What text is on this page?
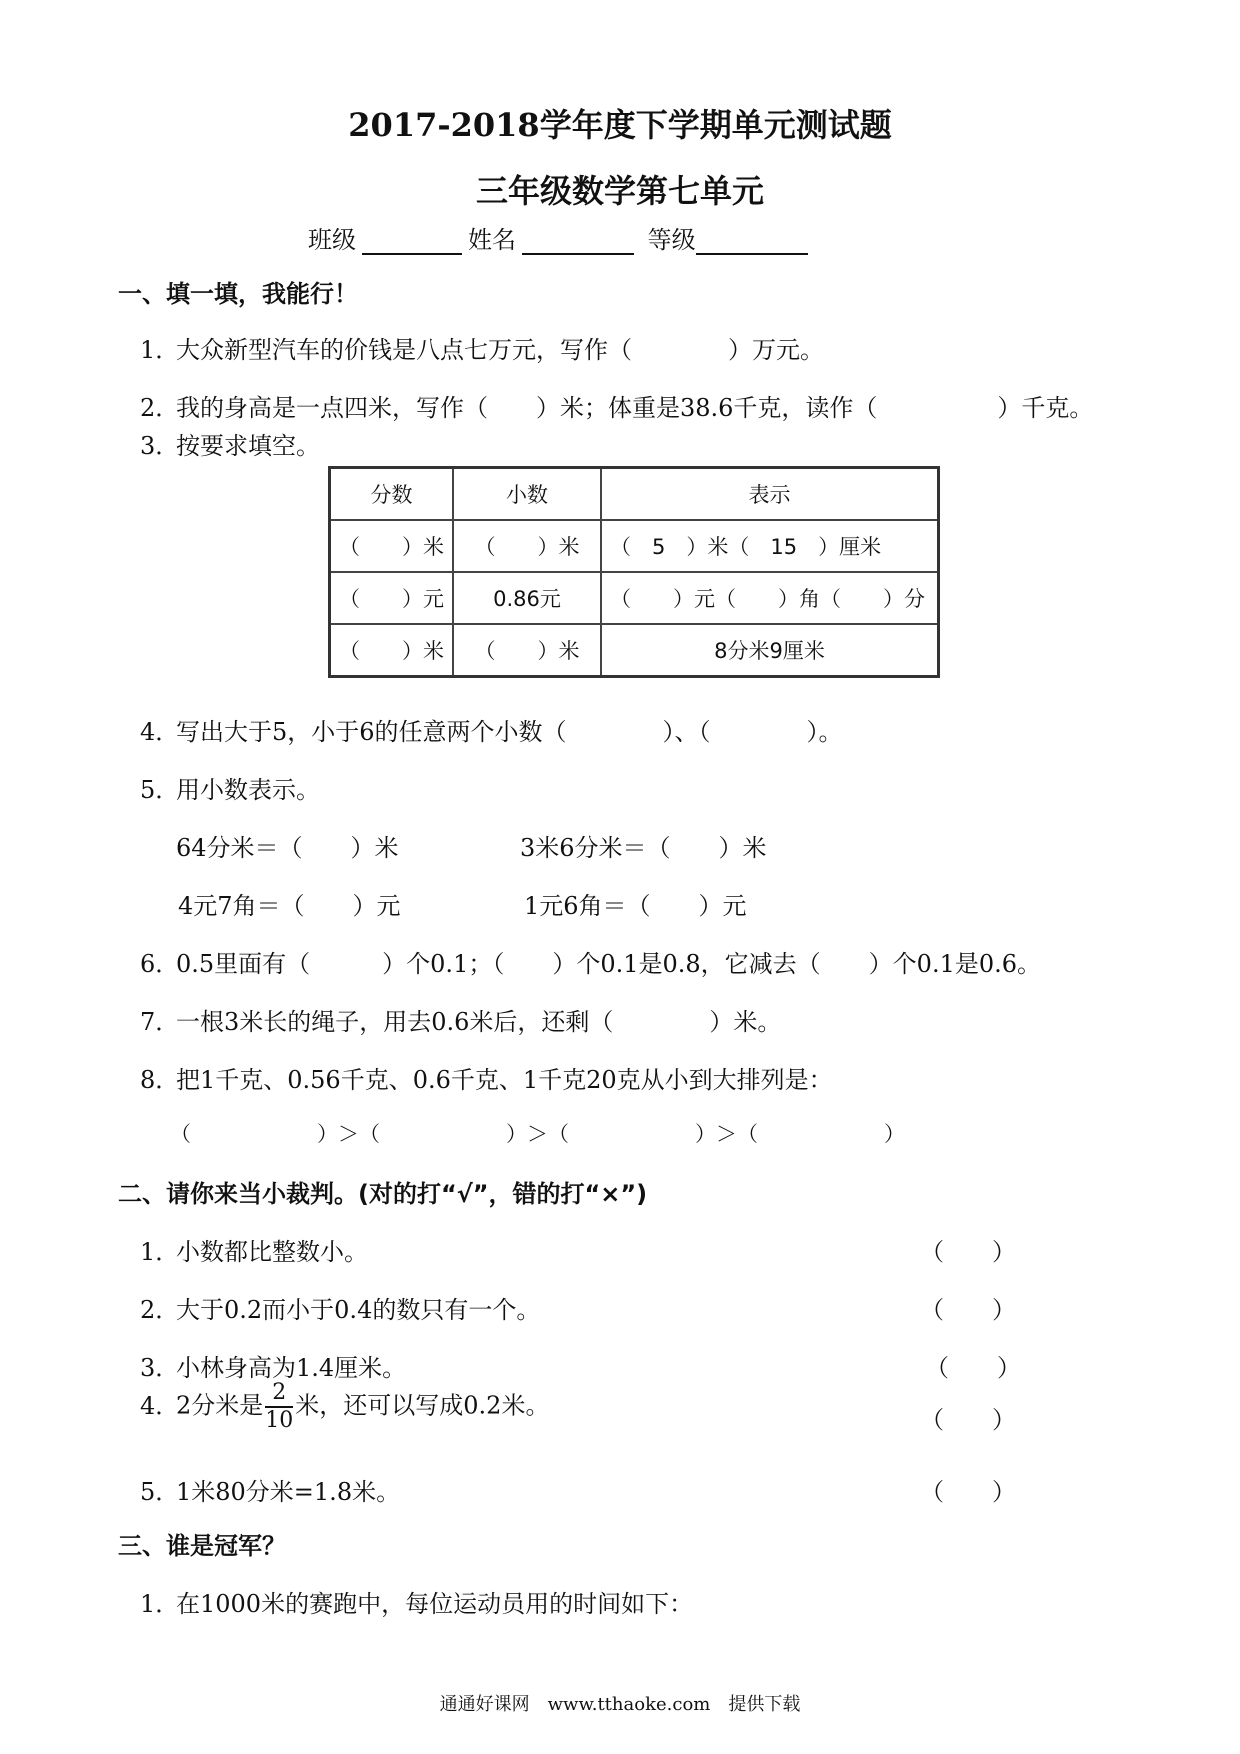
2017-2018学年度下学期单元测试题
三年级数学第七单元
班级	姓名	等级
一、填一填，我能行！
1．大众新型汽车的价钱是八点七万元，写作（　　　　）万元。
2．我的身高是一点四米，写作（　　）米；体重是38.6千克，读作（　　　　　）千克。
3．按要求填空。
分数	小数	表示
（　　）米	（　　）米	（　5　）米（　15　）厘米
（　　）元	0.86元	（　　）元（　　）角（　　）分
（　　）米	（　　）米	8分米9厘米
4．写出大于5，小于6的任意两个小数（　　　　）、（　　　　）。
5．用小数表示。
64分米＝（　　）米	3米6分米＝（　　）米
4元7角＝（　　）元	1元6角＝（　　）元
6．0.5里面有（　　　）个0.1；（　　）个0.1是0.8，它减去（　　）个0.1是0.6。
7．一根3米长的绳子，用去0.6米后，还剩（　　　　）米。
8．把1千克、0.56千克、0.6千克、1千克20克从小到大排列是：
（　　　　　　）＞（　　　　　　）＞（　　　　　　）＞（　　　　　　）
二、请你来当小裁判。(对的打“√”，错的打“×”)
1．小数都比整数小。	（　　）
2．大于0.2而小于0.4的数只有一个。	（　　）
3．小林身高为1.4厘米。	（　　）
4．2分米是 $\frac{2}{10}$ 米，还可以写成0.2米。
（　　）
5．1米80分米=1.8米。	（　　）
三、谁是冠军？
1．在1000米的赛跑中，每位运动员用的时间如下：
通通好课网　www.tthaoke.com　提供下载
